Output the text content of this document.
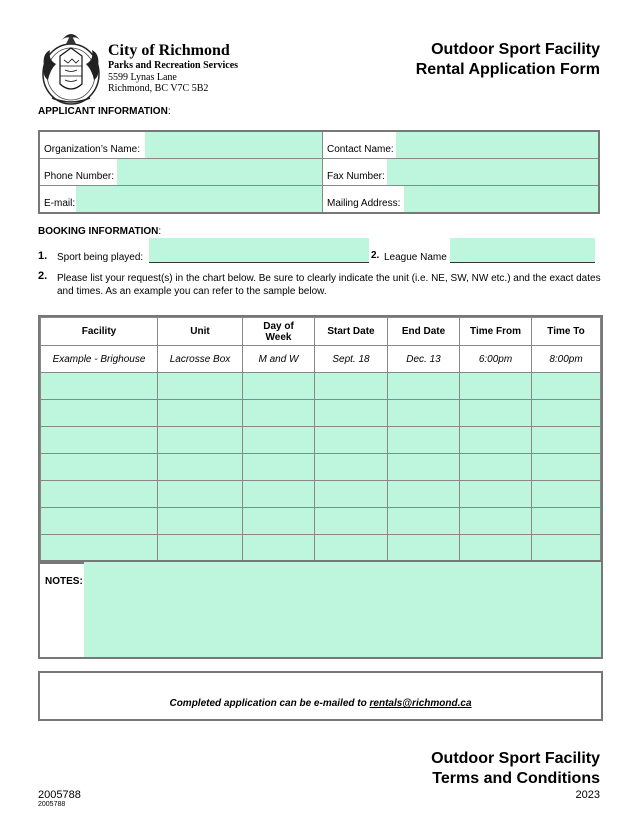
City of Richmond
Parks and Recreation Services
5599 Lynas Lane
Richmond, BC V7C 5B2
Outdoor Sport Facility
Rental Application Form
APPLICANT INFORMATION:
Organization’s Name:	Contact Name:
Phone Number:	Fax Number:
E-mail:	Mailing Address:
BOOKING INFORMATION:
1. Sport being played:	2. League Name
2. Please list your request(s) in the chart below. Be sure to clearly indicate the unit (i.e. NE, SW, NW etc.) and the exact dates and times. As an example you can refer to the sample below.
Facility	Unit	Day of Week	Start Date	End Date	Time From	Time To
Example - Brighouse	Lacrosse Box	M and W	Sept. 18	Dec. 13	6:00pm	8:00pm

NOTES:
Completed application can be e-mailed to rentals@richmond.ca
Outdoor Sport Facility
Terms and Conditions
2005788
2005788
2023
